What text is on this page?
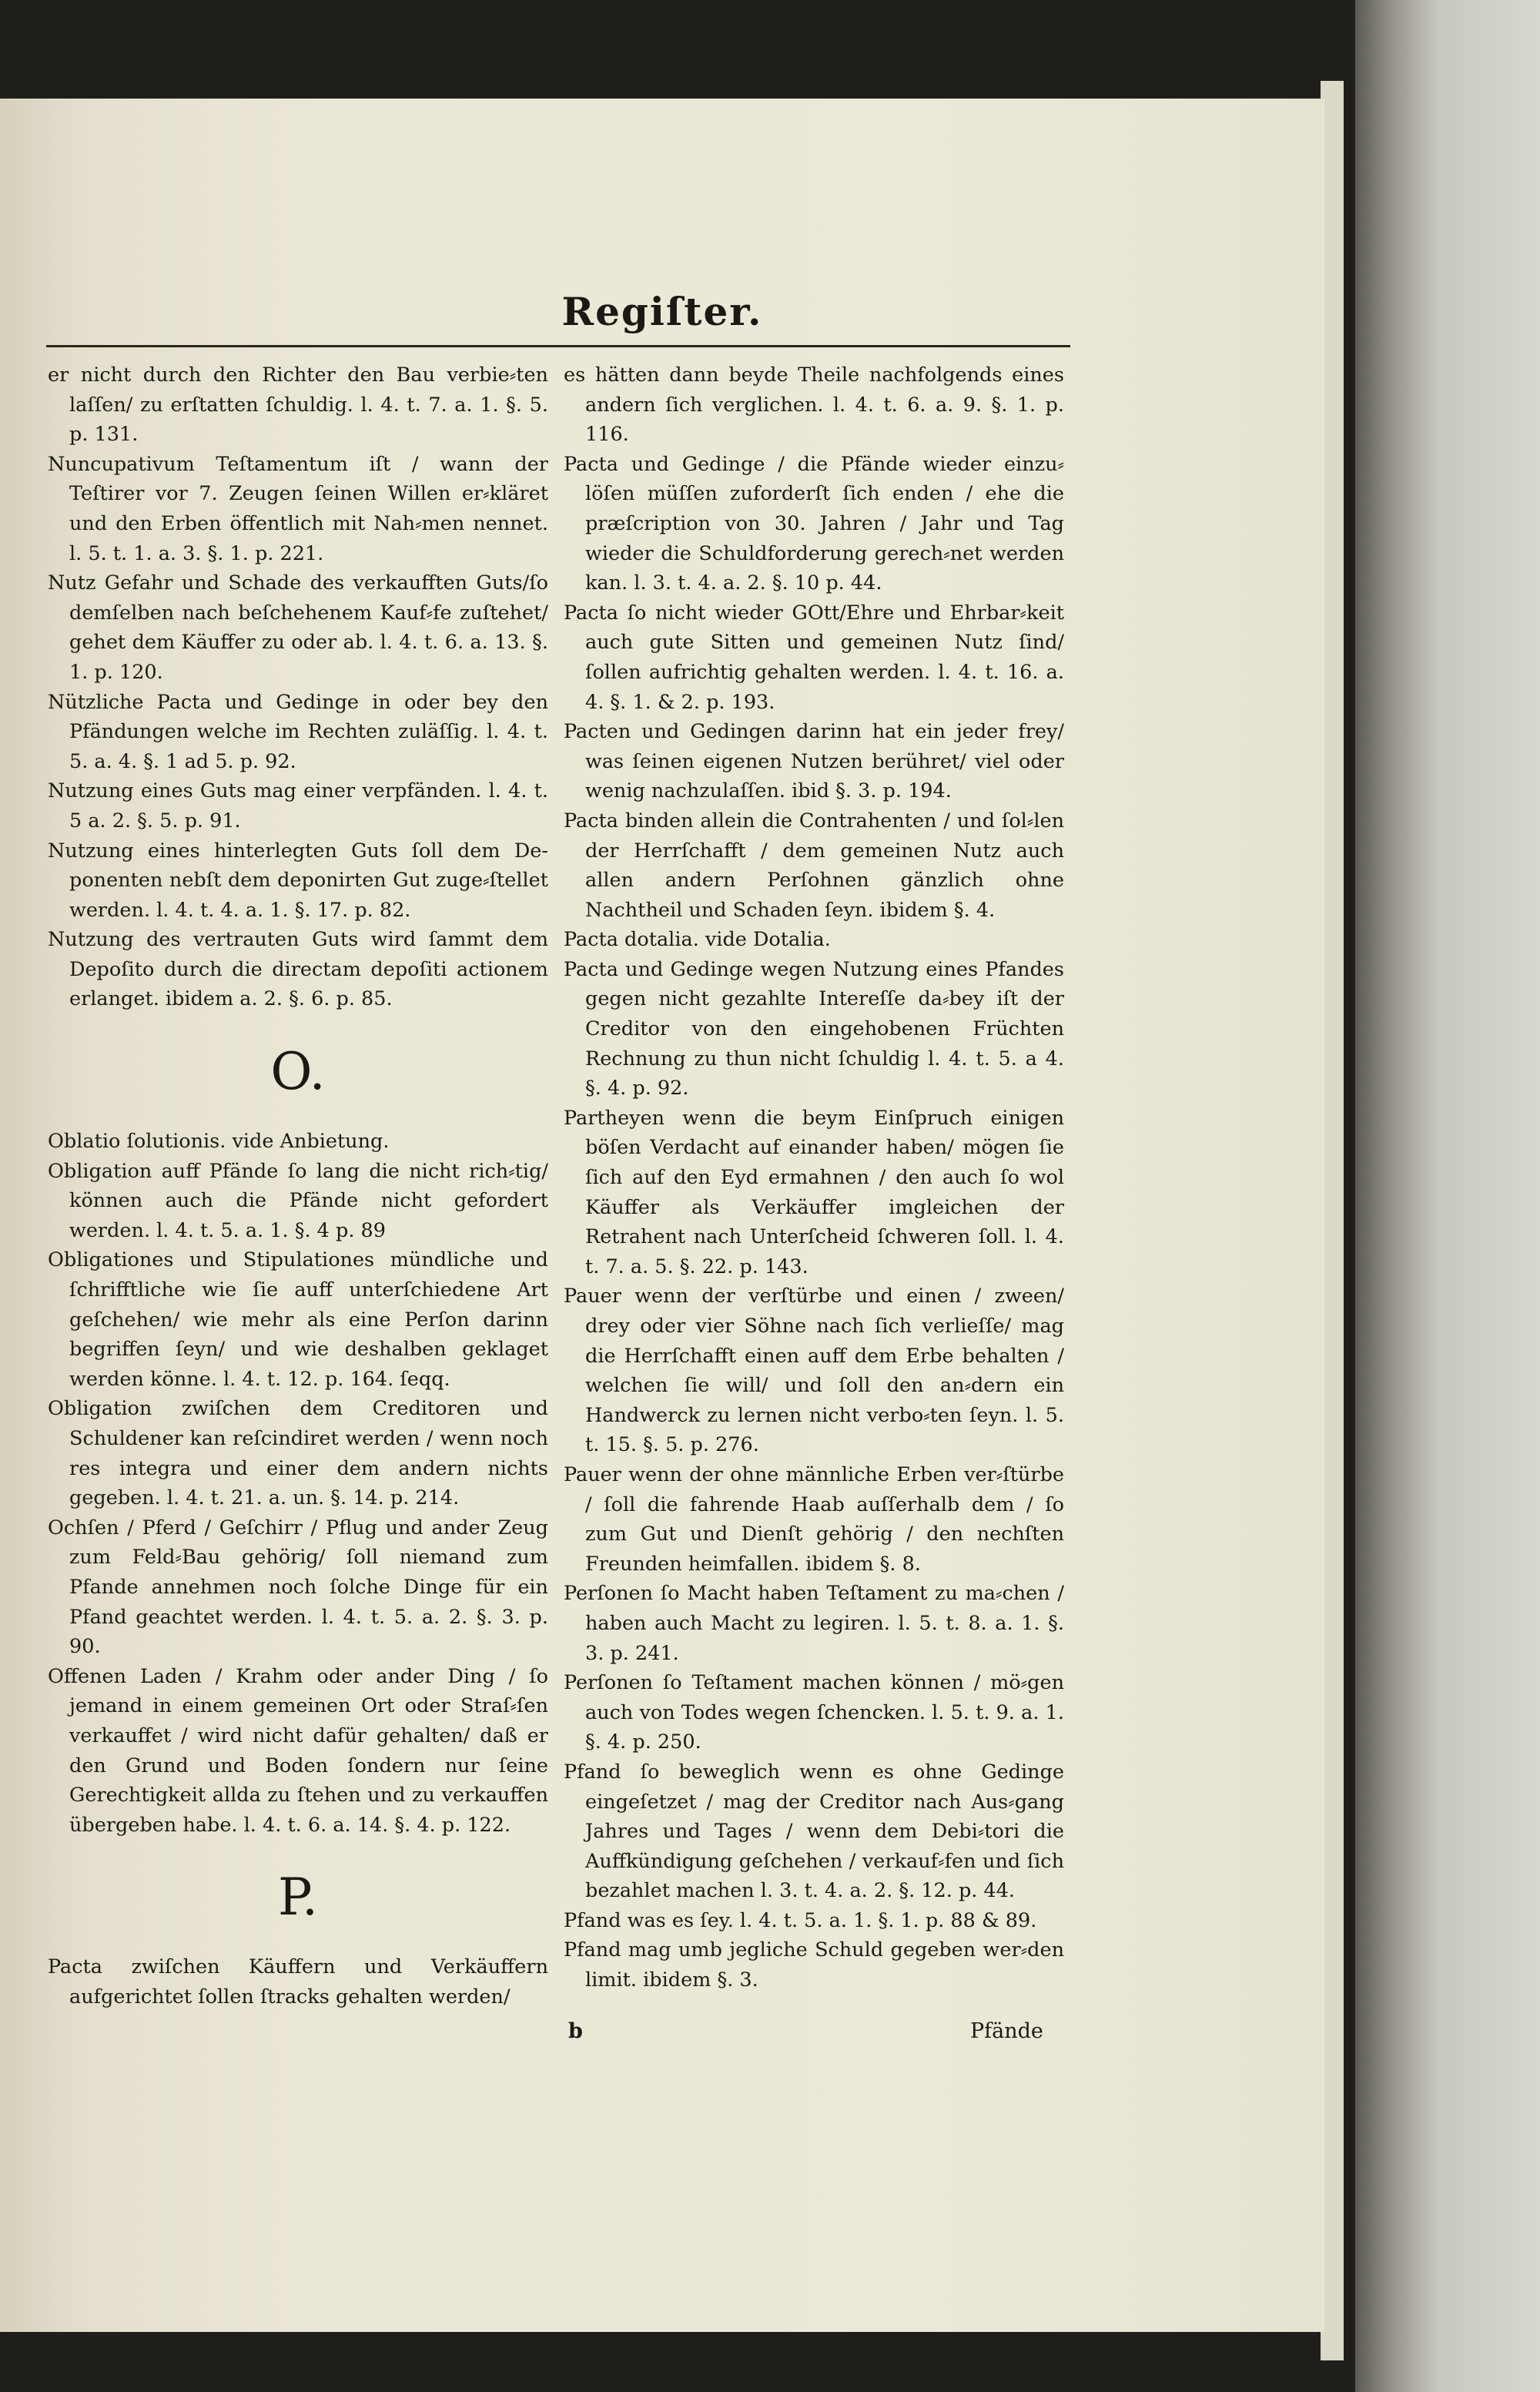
Regiſter.

er nicht durch den Richter den Bau verbie⸗ten laſſen/ zu erſtatten ſchuldig. l. 4. t. 7. a. 1. §. 5. p. 131.

Nuncupativum Teſtamentum iſt / wann der Teſtirer vor 7. Zeugen ſeinen Willen er⸗kläret und den Erben öffentlich mit Nah⸗men nennet. l. 5. t. 1. a. 3. §. 1. p. 221.

Nutz Gefahr und Schade des verkaufften Guts/ſo demſelben nach beſchehenem Kauf⸗fe zuſtehet/ gehet dem Käuffer zu oder ab. l. 4. t. 6. a. 13. §. 1. p. 120.

Nützliche Pacta und Gedinge in oder bey den Pfändungen welche im Rechten zuläſſig. l. 4. t. 5. a. 4. §. 1 ad 5. p. 92.

Nutzung eines Guts mag einer verpfänden. l. 4. t. 5 a. 2. §. 5. p. 91.

Nutzung eines hinterlegten Guts ſoll dem De-ponenten nebſt dem deponirten Gut zuge⸗ſtellet werden. l. 4. t. 4. a. 1. §. 17. p. 82.

Nutzung des vertrauten Guts wird ſammt dem Depoſito durch die directam depoſiti actionem erlanget. ibidem a. 2. §. 6. p. 85.

O.

Oblatio ſolutionis. vide Anbietung.

Obligation auff Pfände ſo lang die nicht rich⸗tig/ können auch die Pfände nicht gefordert werden. l. 4. t. 5. a. 1. §. 4 p. 89

Obligationes und Stipulationes mündliche und ſchrifftliche wie ſie auff unterſchiedene Art geſchehen/ wie mehr als eine Perſon darinn begriffen ſeyn/ und wie deshalben geklaget werden könne. l. 4. t. 12. p. 164. ſeqq.

Obligation zwiſchen dem Creditoren und Schuldener kan reſcindiret werden / wenn noch res integra und einer dem andern nichts gegeben. l. 4. t. 21. a. un. §. 14. p. 214.

Ochſen / Pferd / Geſchirr / Pflug und ander Zeug zum Feld⸗Bau gehörig/ ſoll niemand zum Pfande annehmen noch ſolche Dinge für ein Pfand geachtet werden. l. 4. t. 5. a. 2. §. 3. p. 90.

Offenen Laden / Krahm oder ander Ding / ſo jemand in einem gemeinen Ort oder Straſ⸗ſen verkauffet / wird nicht dafür gehalten/ daß er den Grund und Boden ſondern nur ſeine Gerechtigkeit allda zu ſtehen und zu verkauffen übergeben habe. l. 4. t. 6. a. 14. §. 4. p. 122.

P.

Pacta zwiſchen Käuffern und Verkäuffern aufgerichtet ſollen ſtracks gehalten werden/

es hätten dann beyde Theile nachfolgends eines andern ſich verglichen. l. 4. t. 6. a. 9. §. 1. p. 116.

Pacta und Gedinge / die Pfände wieder einzu⸗löſen müſſen zuforderſt ſich enden / ehe die præſcription von 30. Jahren / Jahr und Tag wieder die Schuldforderung gerech⸗net werden kan. l. 3. t. 4. a. 2. §. 10 p. 44.

Pacta ſo nicht wieder GOtt/Ehre und Ehrbar⸗keit auch gute Sitten und gemeinen Nutz ſind/ ſollen aufrichtig gehalten werden. l. 4. t. 16. a. 4. §. 1. & 2. p. 193.

Pacten und Gedingen darinn hat ein jeder frey/ was ſeinen eigenen Nutzen berühret/ viel oder wenig nachzulaſſen. ibid §. 3. p. 194.

Pacta binden allein die Contrahenten / und ſol⸗len der Herrſchafft / dem gemeinen Nutz auch allen andern Perſohnen gänzlich ohne Nachtheil und Schaden ſeyn. ibidem §. 4.

Pacta dotalia. vide Dotalia.

Pacta und Gedinge wegen Nutzung eines Pfandes gegen nicht gezahlte Intereſſe da⸗bey iſt der Creditor von den eingehobenen Früchten Rechnung zu thun nicht ſchuldig l. 4. t. 5. a 4. §. 4. p. 92.

Partheyen wenn die beym Einſpruch einigen böſen Verdacht auf einander haben/ mögen ſie ſich auf den Eyd ermahnen / den auch ſo wol Käuffer als Verkäuffer imgleichen der Retrahent nach Unterſcheid ſchweren ſoll. l. 4. t. 7. a. 5. §. 22. p. 143.

Pauer wenn der verſtürbe und einen / zween/ drey oder vier Söhne nach ſich verlieſſe/ mag die Herrſchafft einen auff dem Erbe behalten / welchen ſie will/ und ſoll den an⸗dern ein Handwerck zu lernen nicht verbo⸗ten ſeyn. l. 5. t. 15. §. 5. p. 276.

Pauer wenn der ohne männliche Erben ver⸗ſtürbe / ſoll die fahrende Haab auſſerhalb dem / ſo zum Gut und Dienſt gehörig / den nechſten Freunden heimfallen. ibidem §. 8.

Perſonen ſo Macht haben Teſtament zu ma⸗chen / haben auch Macht zu legiren. l. 5. t. 8. a. 1. §. 3. p. 241.

Perſonen ſo Teſtament machen können / mö⸗gen auch von Todes wegen ſchencken. l. 5. t. 9. a. 1. §. 4. p. 250.

Pfand ſo beweglich wenn es ohne Gedinge eingeſetzet / mag der Creditor nach Aus⸗gang Jahres und Tages / wenn dem Debi⸗tori die Auffkündigung geſchehen / verkauf⸗fen und ſich bezahlet machen l. 3. t. 4. a. 2. §. 12. p. 44.

Pfand was es ſey. l. 4. t. 5. a. 1. §. 1. p. 88 & 89.

Pfand mag umb jegliche Schuld gegeben wer⸗den limit. ibidem §. 3.

b	Pfände
